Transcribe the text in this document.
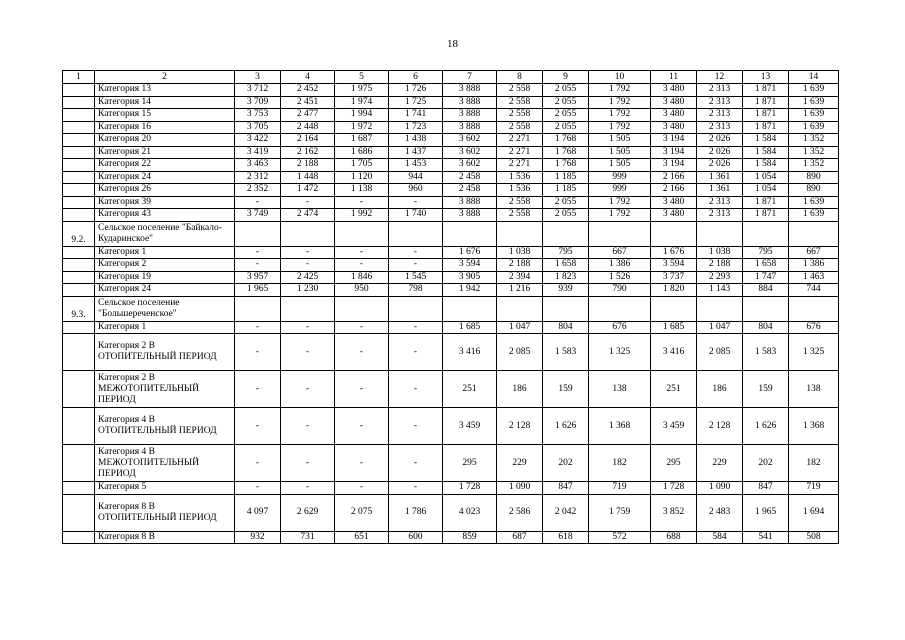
18
1	2	3	4	5	6	7	8	9	10	11	12	13	14
	Категория 13	3 712	2 452	1 975	1 726	3 888	2 558	2 055	1 792	3 480	2 313	1 871	1 639
	Категория 14	3 709	2 451	1 974	1 725	3 888	2 558	2 055	1 792	3 480	2 313	1 871	1 639
	Категория 15	3 753	2 477	1 994	1 741	3 888	2 558	2 055	1 792	3 480	2 313	1 871	1 639
	Категория 16	3 705	2 448	1 972	1 723	3 888	2 558	2 055	1 792	3 480	2 313	1 871	1 639
	Категория 20	3 422	2 164	1 687	1 438	3 602	2 271	1 768	1 505	3 194	2 026	1 584	1 352
	Категория 21	3 419	2 162	1 686	1 437	3 602	2 271	1 768	1 505	3 194	2 026	1 584	1 352
	Категория 22	3 463	2 188	1 705	1 453	3 602	2 271	1 768	1 505	3 194	2 026	1 584	1 352
	Категория 24	2 312	1 448	1 120	944	2 458	1 536	1 185	999	2 166	1 361	1 054	890
	Категория 26	2 352	1 472	1 138	960	2 458	1 536	1 185	999	2 166	1 361	1 054	890
	Категория 39	-	-	-	-	3 888	2 558	2 055	1 792	3 480	2 313	1 871	1 639
	Категория 43	3 749	2 474	1 992	1 740	3 888	2 558	2 055	1 792	3 480	2 313	1 871	1 639
9.2.	Сельское поселение "Байкало-Кударинское"												
	Категория 1	-	-	-	-	1 676	1 038	795	667	1 676	1 038	795	667
	Категория 2	-	-	-	-	3 594	2 188	1 658	1 386	3 594	2 188	1 658	1 386
	Категория 19	3 957	2 425	1 846	1 545	3 905	2 394	1 823	1 526	3 737	2 293	1 747	1 463
	Категория 24	1 965	1 230	950	798	1 942	1 216	939	790	1 820	1 143	884	744
9.3.	Сельское поселение "Большереченское"												
	Категория 1	-	-	-	-	1 685	1 047	804	676	1 685	1 047	804	676
	Категория 2 В ОТОПИТЕЛЬНЫЙ ПЕРИОД	-	-	-	-	3 416	2 085	1 583	1 325	3 416	2 085	1 583	1 325
	Категория 2 В МЕЖОТОПИТЕЛЬНЫЙ ПЕРИОД	-	-	-	-	251	186	159	138	251	186	159	138
	Категория 4 В ОТОПИТЕЛЬНЫЙ ПЕРИОД	-	-	-	-	3 459	2 128	1 626	1 368	3 459	2 128	1 626	1 368
	Категория 4 В МЕЖОТОПИТЕЛЬНЫЙ ПЕРИОД	-	-	-	-	295	229	202	182	295	229	202	182
	Категория 5	-	-	-	-	1 728	1 090	847	719	1 728	1 090	847	719
	Категория 8 В ОТОПИТЕЛЬНЫЙ ПЕРИОД	4 097	2 629	2 075	1 786	4 023	2 586	2 042	1 759	3 852	2 483	1 965	1 694
	Категория 8 В	932	731	651	600	859	687	618	572	688	584	541	508
